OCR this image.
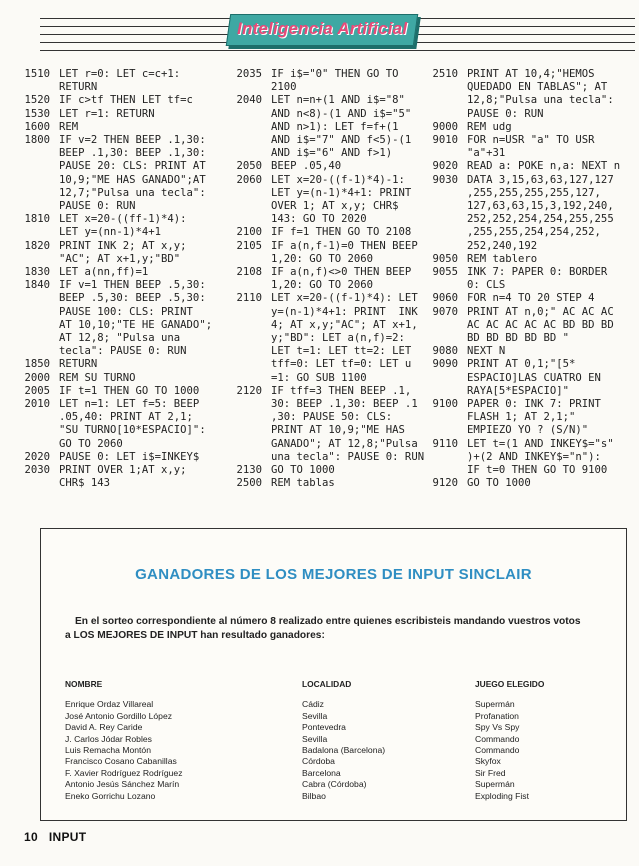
Inteligencia Artificial
1510 LET r=0: LET c=c+1:
RETURN
1520 IF c>tf THEN LET tf=c
1530 LET r=1: RETURN
1600 REM
1800 IF v=2 THEN BEEP .1,30:
BEEP .1,30: BEEP .1,30:
PAUSE 20: CLS: PRINT AT
10,9;"ME HAS GANADO";AT
12,7;"Pulsa una tecla":
PAUSE 0: RUN
1810 LET x=20-((ff-1)*4):
LET y=(nn-1)*4+1
1820 PRINT INK 2; AT x,y;
"AC"; AT x+1,y;"BD"
1830 LET a(nn,ff)=1
1840 IF v=1 THEN BEEP .5,30:
BEEP .5,30: BEEP .5,30:
PAUSE 100: CLS: PRINT
AT 10,10;"TE HE GANADO";
AT 12,8; "Pulsa una
tecla": PAUSE 0: RUN
1850 RETURN
2000 REM SU TURNO
2005 IF t=1 THEN GO TO 1000
2010 LET n=1: LET f=5: BEEP
.05,40: PRINT AT 2,1;
"SU TURNO[10*ESPACIO]":
GO TO 2060
2020 PAUSE 0: LET i$=INKEY$
2030 PRINT OVER 1;AT x,y;
CHR$ 143
2035 IF i$="0" THEN GO TO
2100
2040 LET n=n+(1 AND i$="8"
AND n<8)-(1 AND i$="5"
AND n>1): LET f=f+(1
AND i$="7" AND f<5)-(1
AND i$="6" AND f>1)
2050 BEEP .05,40
2060 LET x=20-((f-1)*4)-1:
LET y=(n-1)*4+1: PRINT
OVER 1; AT x,y; CHR$
143: GO TO 2020
2100 IF f=1 THEN GO TO 2108
2105 IF a(n,f-1)=0 THEN BEEP
1,20: GO TO 2060
2108 IF a(n,f)<>0 THEN BEEP
1,20: GO TO 2060
2110 LET x=20-((f-1)*4): LET
y=(n-1)*4+1: PRINT  INK
4; AT x,y;"AC"; AT x+1,
y;"BD": LET a(n,f)=2:
LET t=1: LET tt=2: LET
tff=0: LET tf=0: LET u
=1: GO SUB 1100
2120 IF tff=3 THEN BEEP .1,
30: BEEP .1,30: BEEP .1
,30: PAUSE 50: CLS:
PRINT AT 10,9;"ME HAS
GANADO"; AT 12,8;"Pulsa
una tecla": PAUSE 0: RUN
2130 GO TO 1000
2500 REM tablas
2510 PRINT AT 10,4;"HEMOS
QUEDADO EN TABLAS"; AT
12,8;"Pulsa una tecla":
PAUSE 0: RUN
9000 REM udg
9010 FOR n=USR "a" TO USR
"a"+31
9020 READ a: POKE n,a: NEXT n
9030 DATA 3,15,63,63,127,127
,255,255,255,255,127,
127,63,63,15,3,192,240,
252,252,254,254,255,255
,255,255,254,254,252,
252,240,192
9050 REM tablero
9055 INK 7: PAPER 0: BORDER
0: CLS
9060 FOR n=4 TO 20 STEP 4
9070 PRINT AT n,0;" AC AC AC
AC AC AC AC AC BD BD BD
BD BD BD BD BD "
9080 NEXT N
9090 PRINT AT 0,1;"[5*
ESPACIO]LAS CUATRO EN
RAYA[5*ESPACIO]"
9100 PAPER 0: INK 7: PRINT
FLASH 1; AT 2,1;"
EMPIEZO YO ? (S/N)"
9110 LET t=(1 AND INKEY$="s"
)+(2 AND INKEY$="n"):
IF t=0 THEN GO TO 9100
9120 GO TO 1000
GANADORES DE LOS MEJORES DE INPUT SINCLAIR

En el sorteo correspondiente al número 8 realizado entre quienes escribisteis mandando vuestros votos

a LOS MEJORES DE INPUT han resultado ganadores:

NOMBRE
Enrique Ordaz Villareal
José Antonio Gordillo López
David A. Rey Caride
J. Carlos Jódar Robles
Luis Remacha Montón
Francisco Cosano Cabanillas
F. Xavier Rodríguez Rodríguez
Antonio Jesús Sánchez Marín
Eneko Gorrichu Lozano
LOCALIDAD
Cádiz
Sevilla
Pontevedra
Sevilla
Badalona (Barcelona)
Córdoba
Barcelona
Cabra (Córdoba)
Bilbao
JUEGO ELEGIDO
Supermán
Profanation
Spy Vs Spy
Commando
Commando
Skyfox
Sir Fred
Supermán
Exploding Fist
10 INPUT
